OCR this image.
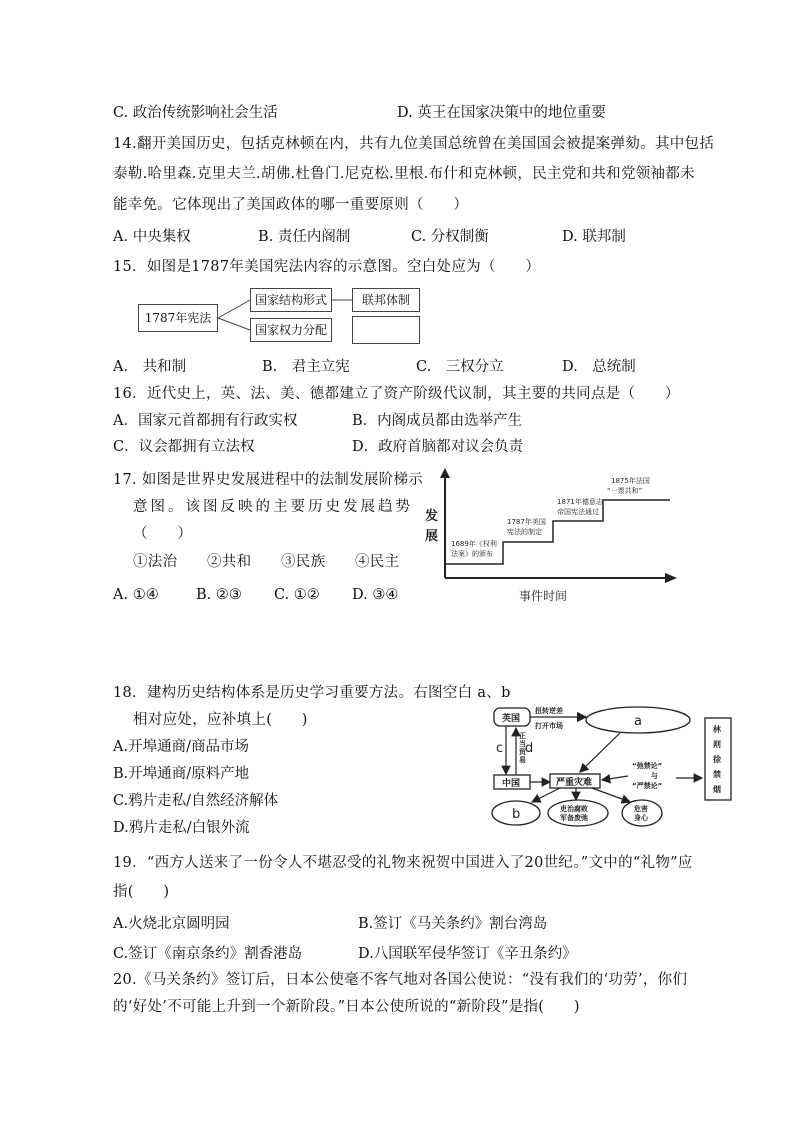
C. 政治传统影响社会生活	D. 英王在国家决策中的地位重要
14.翻开美国历史，包括克林顿在内，共有九位美国总统曾在美国国会被提案弹劾。其中包括
泰勒.哈里森.克里夫兰.胡佛.杜鲁门.尼克松.里根.布什和克林顿，民主党和共和党领袖都未
能幸免。它体现出了美国政体的哪一重要原则（　　）
A. 中央集权	B. 责任内阁制	C. 分权制衡	D. 联邦制
15．如图是1787年美国宪法内容的示意图。空白处应为（　　）
1787年宪法
国家结构形式
国家权力分配
联邦体制
A.　共和制	B.　君主立宪	C.　三权分立	D.　总统制
16．近代史上，英、法、美、德都建立了资产阶级代议制，其主要的共同点是（　　）
A．国家元首都拥有行政实权	B．内阁成员都由选举产生
C．议会都拥有立法权	D．政府首脑都对议会负责
17. 如图是世界史发展进程中的法制发展阶梯示
意图。该图反映的主要历史发展趋势
（　　）
①法治　　②共和　　③民族　　④民主
A. ①④	B. ②③ C. ①② D. ③④
发
展
事件时间
1689年《权利
法案》的颁布
1787年美国
宪法的制定
1871年德意志
帝国宪法通过
1875年法国
“一票共和”
18．建构历史结构体系是历史学习重要方法。右图空白 a、b
相对应处，应补填上(　　)
A.开埠通商/商品市场
B.开埠通商/原料产地
C.鸦片走私/自然经济解体
D.鸦片走私/白银外流
英国
扭转逆差
打开市场	a
正
当
贸
易
c d
中国	严重灾难
“弛禁论”
与
“严禁论”
林
则
徐
禁
烟
b	吏治腐败
军备废弛
危害
身心
19．“西方人送来了一份令人不堪忍受的礼物来祝贺中国进入了20世纪。”文中的“礼物”应
指(　　)
A.火烧北京圆明园	B.签订《马关条约》割台湾岛
C.签订《南京条约》割香港岛	D.八国联军侵华签订《辛丑条约》
20.《马关条约》签订后，日本公使毫不客气地对各国公使说：“没有我们的‘功劳’，你们
的‘好处’不可能上升到一个新阶段。”日本公使所说的“新阶段”是指(　　)
